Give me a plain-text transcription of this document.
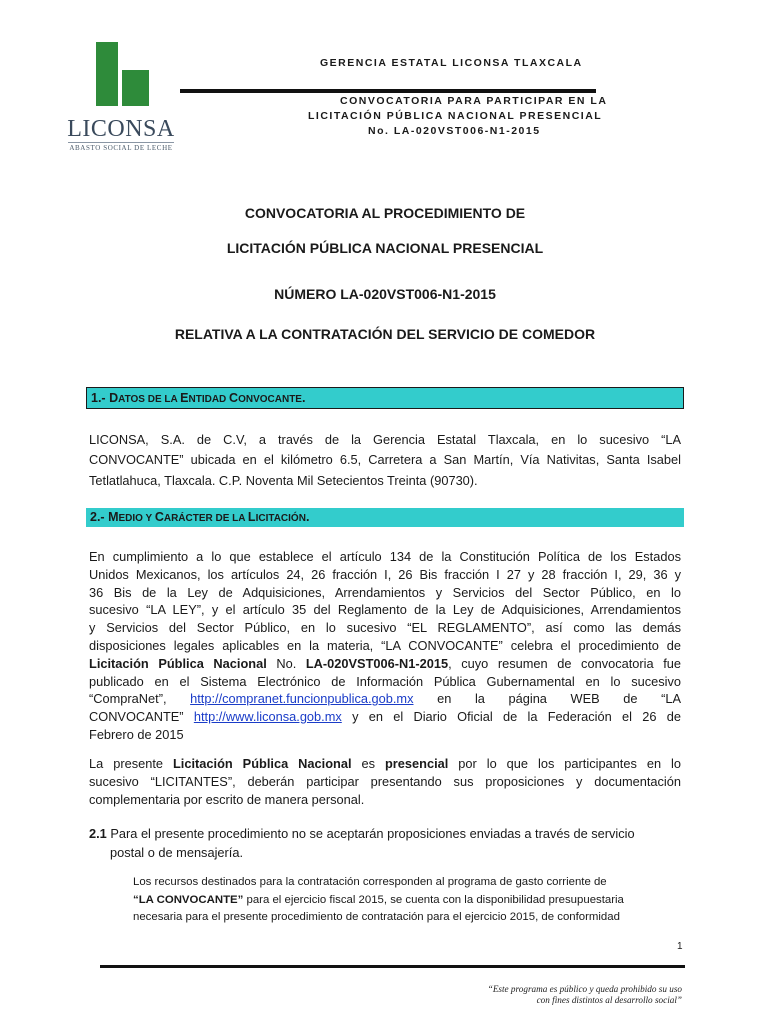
LICONSA
ABASTO SOCIAL DE LECHE
GERENCIA ESTATAL LICONSA TLAXCALA
CONVOCATORIA PARA PARTICIPAR EN LA
LICITACIÓN PÚBLICA NACIONAL PRESENCIAL
No. LA-020VST006-N1-2015
CONVOCATORIA AL PROCEDIMIENTO DE
LICITACIÓN PÚBLICA NACIONAL PRESENCIAL
NÚMERO LA-020VST006-N1-2015
RELATIVA A LA CONTRATACIÓN DEL SERVICIO DE COMEDOR
1.- DATOS DE LA ENTIDAD CONVOCANTE.
LICONSA, S.A. de C.V, a través de la Gerencia Estatal Tlaxcala, en lo sucesivo “LA
CONVOCANTE” ubicada en el kilómetro 6.5, Carretera a San Martín, Vía Nativitas, Santa Isabel
Tetlatlahuca, Tlaxcala. C.P. Noventa Mil Setecientos Treinta (90730).
2.- MEDIO Y CARÁCTER DE LA LICITACIÓN.
En cumplimiento a lo que establece el artículo 134 de la Constitución Política de los Estados
Unidos Mexicanos, los artículos 24, 26 fracción I, 26 Bis fracción I 27 y 28 fracción I, 29, 36 y
36 Bis de la Ley de Adquisiciones, Arrendamientos y Servicios del Sector Público, en lo
sucesivo “LA LEY”, y el artículo 35 del Reglamento de la Ley de Adquisiciones, Arrendamientos
y Servicios del Sector Público, en lo sucesivo “EL REGLAMENTO”, así como las demás
disposiciones legales aplicables en la materia, “LA CONVOCANTE” celebra el procedimiento de
Licitación Pública Nacional No. LA-020VST006-N1-2015, cuyo resumen de convocatoria fue
publicado en el Sistema Electrónico de Información Pública Gubernamental en lo sucesivo
“CompraNet”, http://compranet.funcionpublica.gob.mx en la página WEB de “LA
CONVOCANTE” http://www.liconsa.gob.mx y en el Diario Oficial de la Federación el 26 de
Febrero de 2015
La presente Licitación Pública Nacional es presencial por lo que los participantes en lo
sucesivo “LICITANTES”, deberán participar presentando sus proposiciones y documentación
complementaria por escrito de manera personal.
2.1 Para el presente procedimiento no se aceptarán proposiciones enviadas a través de servicio
postal o de mensajería.
Los recursos destinados para la contratación corresponden al programa de gasto corriente de
“LA CONVOCANTE” para el ejercicio fiscal 2015, se cuenta con la disponibilidad presupuestaria
necesaria para el presente procedimiento de contratación para el ejercicio 2015, de conformidad
1
“Este programa es público y queda prohibido su uso
con fines distintos al desarrollo social”
